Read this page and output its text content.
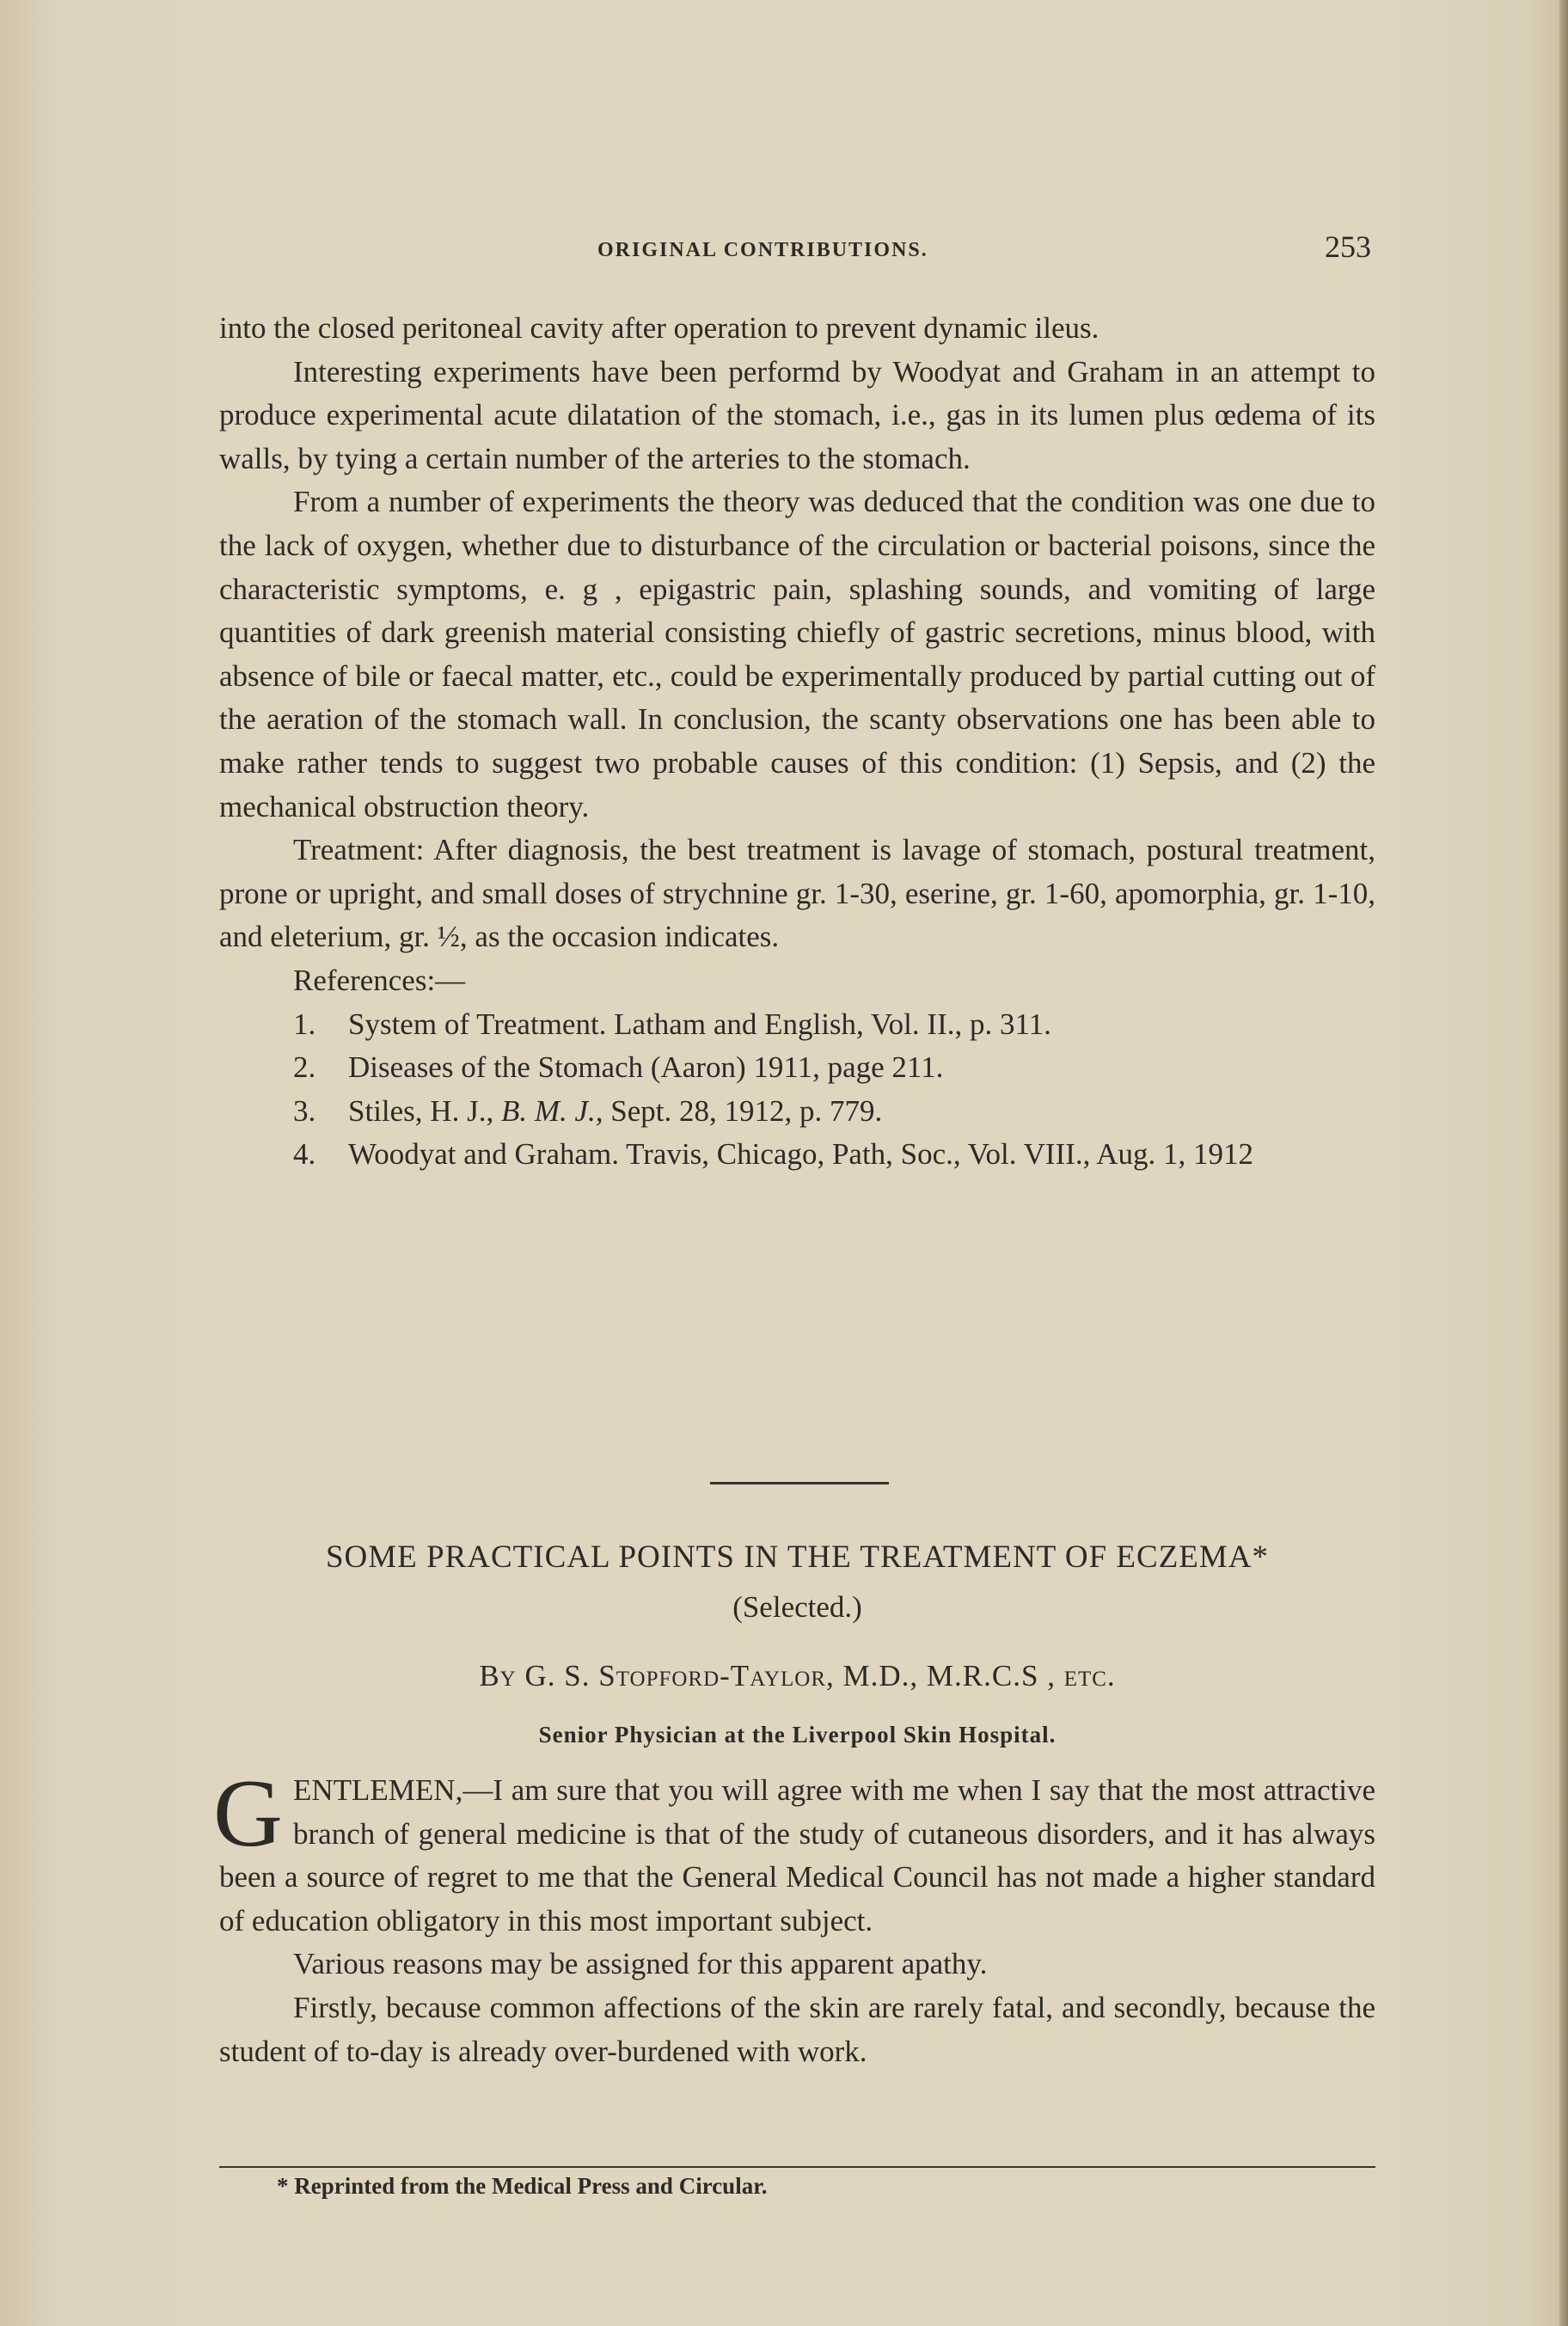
ORIGINAL CONTRIBUTIONS.	253

into the closed peritoneal cavity after operation to prevent dynamic ileus.

Interesting experiments have been performd by Woodyat and Graham in an attempt to produce experimental acute dilatation of the stomach, i.e., gas in its lumen plus œdema of its walls, by tying a certain number of the arteries to the stomach.

From a number of experiments the theory was deduced that the condition was one due to the lack of oxygen, whether due to disturbance of the circulation or bacterial poisons, since the characteristic symptoms, e. g , epigastric pain, splashing sounds, and vomiting of large quantities of dark greenish material consisting chiefly of gastric secretions, minus blood, with absence of bile or faecal matter, etc., could be experimentally produced by partial cutting out of the aeration of the stomach wall. In conclusion, the scanty observations one has been able to make rather tends to suggest two probable causes of this condition: (1) Sepsis, and (2) the mechanical obstruction theory.

Treatment: After diagnosis, the best treatment is lavage of stomach, postural treatment, prone or upright, and small doses of strychnine gr. 1-30, eserine, gr. 1-60, apomorphia, gr. 1-10, and eleterium, gr. ½, as the occasion indicates.

References:—

1. System of Treatment. Latham and English, Vol. II., p. 311.
2. Diseases of the Stomach (Aaron) 1911, page 211.
3. Stiles, H. J., B. M. J., Sept. 28, 1912, p. 779.
4. Woodyat and Graham. Travis, Chicago, Path, Soc., Vol. VIII., Aug. 1, 1912
SOME PRACTICAL POINTS IN THE TREATMENT OF ECZEMA*
(Selected.)
By G. S. Stopford-Taylor, M.D., M.R.C.S , etc.
Senior Physician at the Liverpool Skin Hospital.
G ENTLEMEN,—I am sure that you will agree with me when I say that the most attractive branch of general medicine is that of the study of cutaneous disorders, and it has always been a source of regret to me that the General Medical Council has not made a higher standard of education obligatory in this most important subject.

Various reasons may be assigned for this apparent apathy.

Firstly, because common affections of the skin are rarely fatal, and secondly, because the student of to-day is already over-burdened with work.

* Reprinted from the Medical Press and Circular.
